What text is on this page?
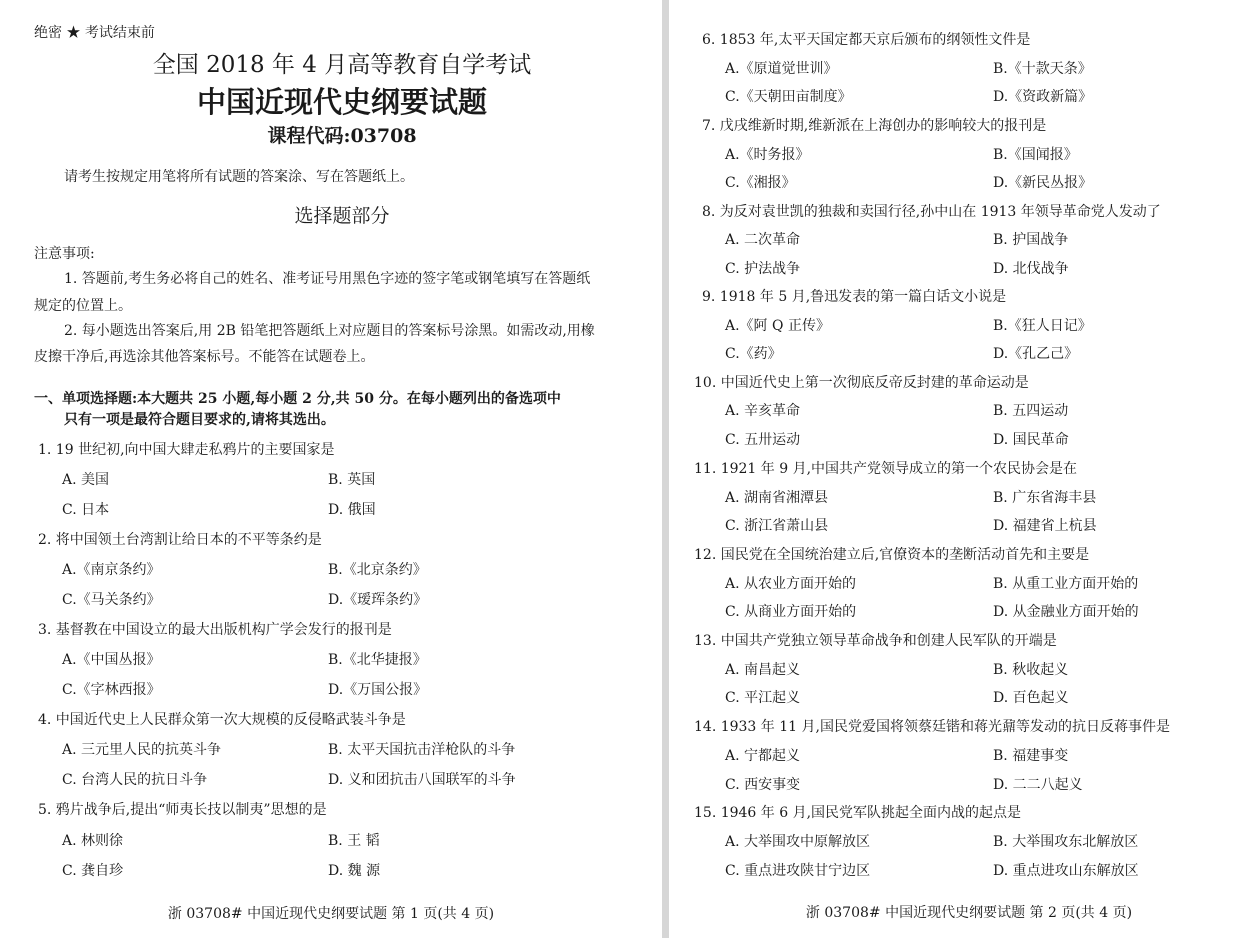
绝密 ★ 考试结束前
全国 2018 年 4 月高等教育自学考试
中国近现代史纲要试题
课程代码:03708
请考生按规定用笔将所有试题的答案涂、写在答题纸上。
选择题部分
注意事项:
1. 答题前,考生务必将自己的姓名、准考证号用黑色字迹的签字笔或钢笔填写在答题纸
规定的位置上。
2. 每小题选出答案后,用 2B 铅笔把答题纸上对应题目的答案标号涂黑。如需改动,用橡
皮擦干净后,再选涂其他答案标号。不能答在试题卷上。
一、单项选择题:本大题共 25 小题,每小题 2 分,共 50 分。在每小题列出的备选项中
只有一项是最符合题目要求的,请将其选出。
1. 19 世纪初,向中国大肆走私鸦片的主要国家是
A. 美国	B. 英国
C. 日本	D. 俄国
2. 将中国领土台湾割让给日本的不平等条约是
A.《南京条约》	B.《北京条约》
C.《马关条约》	D.《瑷珲条约》
3. 基督教在中国设立的最大出版机构广学会发行的报刊是
A.《中国丛报》	B.《北华捷报》
C.《字林西报》	D.《万国公报》
4. 中国近代史上人民群众第一次大规模的反侵略武装斗争是
A. 三元里人民的抗英斗争	B. 太平天国抗击洋枪队的斗争
C. 台湾人民的抗日斗争	D. 义和团抗击八国联军的斗争
5. 鸦片战争后,提出“师夷长技以制夷”思想的是
A. 林则徐	B. 王 韬
C. 龚自珍	D. 魏 源
浙 03708# 中国近现代史纲要试题 第 1 页(共 4 页)
6. 1853 年,太平天国定都天京后颁布的纲领性文件是
A.《原道觉世训》	B.《十款天条》
C.《天朝田亩制度》	D.《资政新篇》
7. 戊戌维新时期,维新派在上海创办的影响较大的报刊是
A.《时务报》	B.《国闻报》
C.《湘报》	D.《新民丛报》
8. 为反对袁世凯的独裁和卖国行径,孙中山在 1913 年领导革命党人发动了
A. 二次革命	B. 护国战争
C. 护法战争	D. 北伐战争
9. 1918 年 5 月,鲁迅发表的第一篇白话文小说是
A.《阿 Q 正传》	B.《狂人日记》
C.《药》	D.《孔乙己》
10. 中国近代史上第一次彻底反帝反封建的革命运动是
A. 辛亥革命	B. 五四运动
C. 五卅运动	D. 国民革命
11. 1921 年 9 月,中国共产党领导成立的第一个农民协会是在
A. 湖南省湘潭县	B. 广东省海丰县
C. 浙江省萧山县	D. 福建省上杭县
12. 国民党在全国统治建立后,官僚资本的垄断活动首先和主要是
A. 从农业方面开始的	B. 从重工业方面开始的
C. 从商业方面开始的	D. 从金融业方面开始的
13. 中国共产党独立领导革命战争和创建人民军队的开端是
A. 南昌起义	B. 秋收起义
C. 平江起义	D. 百色起义
14. 1933 年 11 月,国民党爱国将领蔡廷锴和蒋光鼐等发动的抗日反蒋事件是
A. 宁都起义	B. 福建事变
C. 西安事变	D. 二二八起义
15. 1946 年 6 月,国民党军队挑起全面内战的起点是
A. 大举围攻中原解放区	B. 大举围攻东北解放区
C. 重点进攻陕甘宁边区	D. 重点进攻山东解放区
浙 03708# 中国近现代史纲要试题 第 2 页(共 4 页)
